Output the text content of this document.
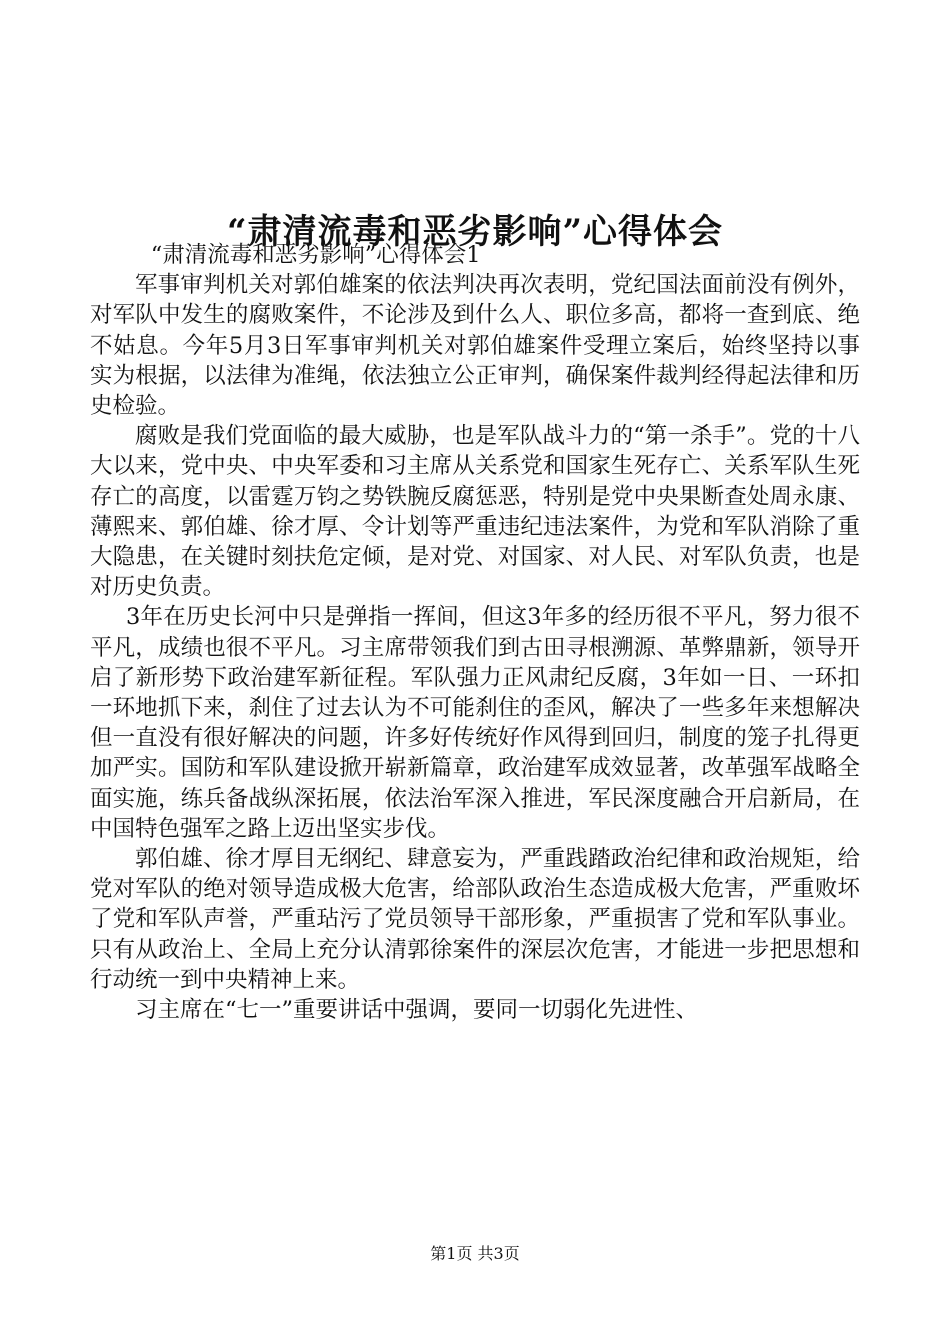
“肃清流毒和恶劣影响”心得体会

“肃清流毒和恶劣影响”心得体会1

军事审判机关对郭伯雄案的依法判决再次表明，党纪国法面前没有例外，对军队中发生的腐败案件，不论涉及到什么人、职位多高，都将一查到底、绝不姑息。今年5月3日军事审判机关对郭伯雄案件受理立案后，始终坚持以事实为根据，以法律为准绳，依法独立公正审判，确保案件裁判经得起法律和历史检验。

腐败是我们党面临的最大威胁，也是军队战斗力的“第一杀手”。党的十八大以来，党中央、中央军委和习主席从关系党和国家生死存亡、关系军队生死存亡的高度，以雷霆万钧之势铁腕反腐惩恶，特别是党中央果断查处周永康、薄熙来、郭伯雄、徐才厚、令计划等严重违纪违法案件，为党和军队消除了重大隐患，在关键时刻扶危定倾，是对党、对国家、对人民、对军队负责，也是对历史负责。

3年在历史长河中只是弹指一挥间，但这3年多的经历很不平凡，努力很不平凡，成绩也很不平凡。习主席带领我们到古田寻根溯源、革弊鼎新，领导开启了新形势下政治建军新征程。军队强力正风肃纪反腐，3年如一日、一环扣一环地抓下来，刹住了过去认为不可能刹住的歪风，解决了一些多年来想解决但一直没有很好解决的问题，许多好传统好作风得到回归，制度的笼子扎得更加严实。国防和军队建设掀开崭新篇章，政治建军成效显著，改革强军战略全面实施，练兵备战纵深拓展，依法治军深入推进，军民深度融合开启新局，在中国特色强军之路上迈出坚实步伐。

郭伯雄、徐才厚目无纲纪、肆意妄为，严重践踏政治纪律和政治规矩，给党对军队的绝对领导造成极大危害，给部队政治生态造成极大危害，严重败坏了党和军队声誉，严重玷污了党员领导干部形象，严重损害了党和军队事业。只有从政治上、全局上充分认清郭徐案件的深层次危害，才能进一步把思想和行动统一到中央精神上来。

习主席在“七一”重要讲话中强调，要同一切弱化先进性、

第1页 共3页
